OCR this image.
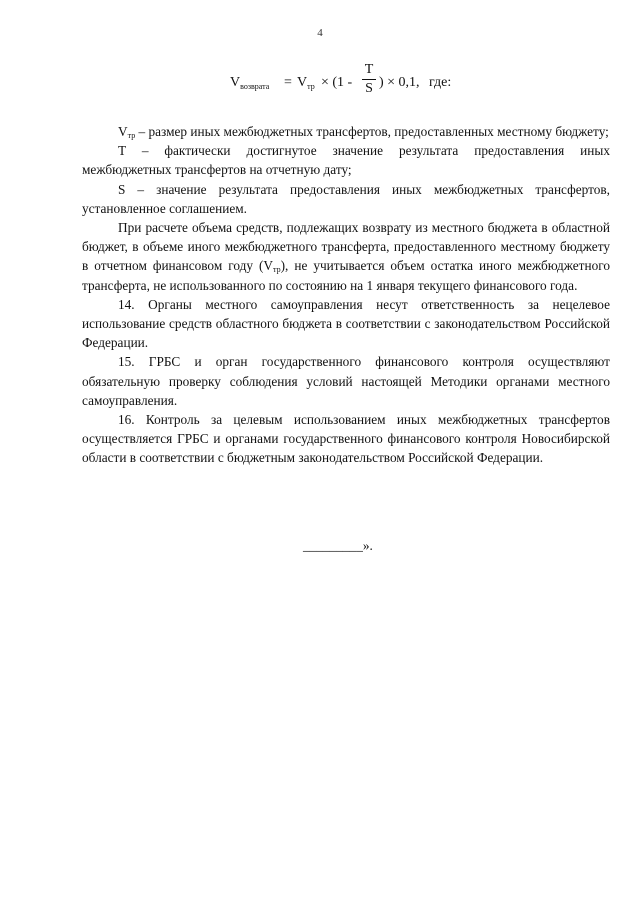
4
$V_{возврата} = V_{тр} \times (1$ -
T
S ) × 0,1, где:

$V_{тр}$ – размер иных межбюджетных трансфертов, предоставленных местному бюджету;

T – фактически достигнутое значение результата предоставления иных межбюджетных трансфертов на отчетную дату;

S – значение результата предоставления иных межбюджетных трансфертов, установленное соглашением.

При расчете объема средств, подлежащих возврату из местного бюджета в областной бюджет, в объеме иного межбюджетного трансферта, предоставленного местному бюджету в отчетном финансовом году $(V_{тр})$, не учитывается объем остатка иного межбюджетного трансферта, не использованного по состоянию на 1 января текущего финансового года.

14. Органы местного самоуправления несут ответственность за нецелевое использование средств областного бюджета в соответствии с законодательством Российской Федерации.

15. ГРБС и орган государственного финансового контроля осуществляют обязательную проверку соблюдения условий настоящей Методики органами местного самоуправления.

16. Контроль за целевым использованием иных межбюджетных трансфертов осуществляется ГРБС и органами государственного финансового контроля Новосибирской области в соответствии с бюджетным законодательством Российской Федерации.

_________».
